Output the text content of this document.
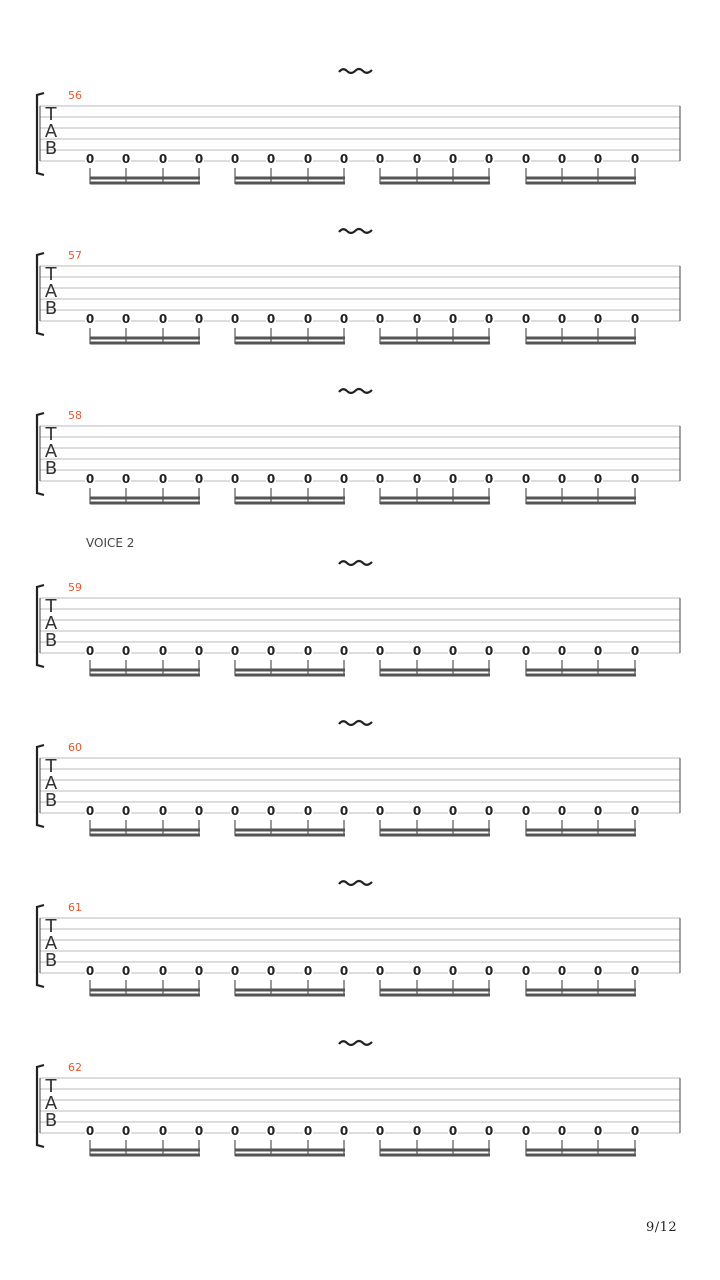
56
T
A
B 0 0 0 0 0 0 0 0 0 0 0 0 0 0 0 0
57
T
A
B 0 0 0 0 0 0 0 0 0 0 0 0 0 0 0 0
58
T
A
B 0 0 0 0 0 0 0 0 0 0 0 0 0 0 0 0
59
T
A
B 0 0 0 0 0 0 0 0 0 0 0 0 0 0 0 0
60
T
A
B 0 0 0 0 0 0 0 0 0 0 0 0 0 0 0 0
61
T
A
B 0 0 0 0 0 0 0 0 0 0 0 0 0 0 0 0
62
T
A
B 0 0 0 0 0 0 0 0 0 0 0 0 0 0 0 0
VOICE 2
9/12
